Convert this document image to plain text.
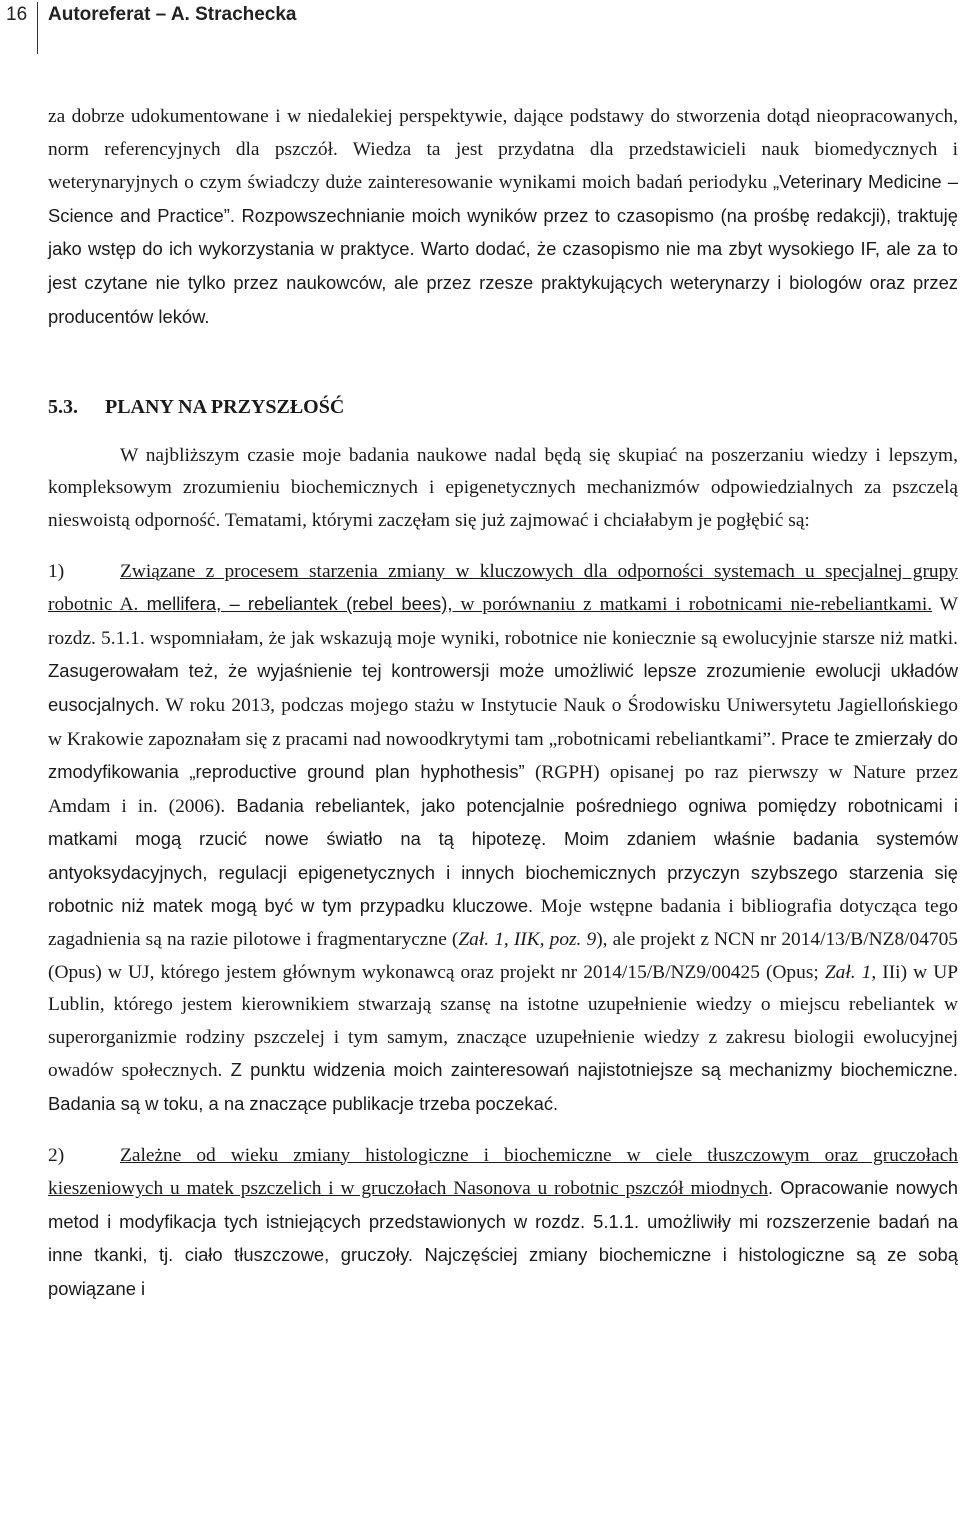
16 Autoreferat – A. Strachecka

za dobrze udokumentowane i w niedalekiej perspektywie, dające podstawy do stworzenia dotąd nieopracowanych, norm referencyjnych dla pszczół. Wiedza ta jest przydatna dla przedstawicieli nauk biomedycznych i weterynaryjnych o czym świadczy duże zainteresowanie wynikami moich badań periodyku „Veterinary Medicine – Science and Practice”. Rozpowszechnianie moich wyników przez to czasopismo (na prośbę redakcji), traktuję jako wstęp do ich wykorzystania w praktyce. Warto dodać, że czasopismo nie ma zbyt wysokiego IF, ale za to jest czytane nie tylko przez naukowców, ale przez rzesze praktykujących weterynarzy i biologów oraz przez producentów leków.

5.3. PLANY NA PRZYSZŁOŚĆ

W najbliższym czasie moje badania naukowe nadal będą się skupiać na poszerzaniu wiedzy i lepszym, kompleksowym zrozumieniu biochemicznych i epigenetycznych mechanizmów odpowiedzialnych za pszczelą nieswoistą odporność. Tematami, którymi zaczęłam się już zajmować i chciałabym je pogłębić są:

1)	Związane z procesem starzenia zmiany w kluczowych dla odporności systemach u specjalnej grupy robotnic A. mellifera, – rebeliantek (rebel bees), w porównaniu z matkami i robotnicami nie-rebeliantkami. W rozdz. 5.1.1. wspomniałam, że jak wskazują moje wyniki, robotnice nie koniecznie są ewolucyjnie starsze niż matki. Zasugerowałam też, że wyjaśnienie tej kontrowersji może umożliwić lepsze zrozumienie ewolucji układów eusocjalnych. W roku 2013, podczas mojego stażu w Instytucie Nauk o Środowisku Uniwersytetu Jagiellońskiego w Krakowie zapoznałam się z pracami nad nowoodkrytymi tam „robotnicami rebeliantkami”. Prace te zmierzały do zmodyfikowania „reproductive ground plan hyphothesis” (RGPH) opisanej po raz pierwszy w Nature przez Amdam i in. (2006). Badania rebeliantek, jako potencjalnie pośredniego ogniwa pomiędzy robotnicami i matkami mogą rzucić nowe światło na tą hipotezę. Moim zdaniem właśnie badania systemów antyoksydacyjnych, regulacji epigenetycznych i innych biochemicznych przyczyn szybszego starzenia się robotnic niż matek mogą być w tym przypadku kluczowe. Moje wstępne badania i bibliografia dotycząca tego zagadnienia są na razie pilotowe i fragmentaryczne (Zał. 1, IIK, poz. 9), ale projekt z NCN nr 2014/13/B/NZ8/04705 (Opus) w UJ, którego jestem głównym wykonawcą oraz projekt nr 2014/15/B/NZ9/00425 (Opus; Zał. 1, IIi) w UP Lublin, którego jestem kierownikiem stwarzają szansę na istotne uzupełnienie wiedzy o miejscu rebeliantek w superorganizmie rodziny pszczelej i tym samym, znaczące uzupełnienie wiedzy z zakresu biologii ewolucyjnej owadów społecznych. Z punktu widzenia moich zainteresowań najistotniejsze są mechanizmy biochemiczne. Badania są w toku, a na znaczące publikacje trzeba poczekać.

2)	Zależne od wieku zmiany histologiczne i biochemiczne w ciele tłuszczowym oraz gruczołach kieszeniowych u matek pszczelich i w gruczołach Nasonova u robotnic pszczół miodnych. Opracowanie nowych metod i modyfikacja tych istniejących przedstawionych w rozdz. 5.1.1. umożliwiły mi rozszerzenie badań na inne tkanki, tj. ciało tłuszczowe, gruczoły. Najczęściej zmiany biochemiczne i histologiczne są ze sobą powiązane i
